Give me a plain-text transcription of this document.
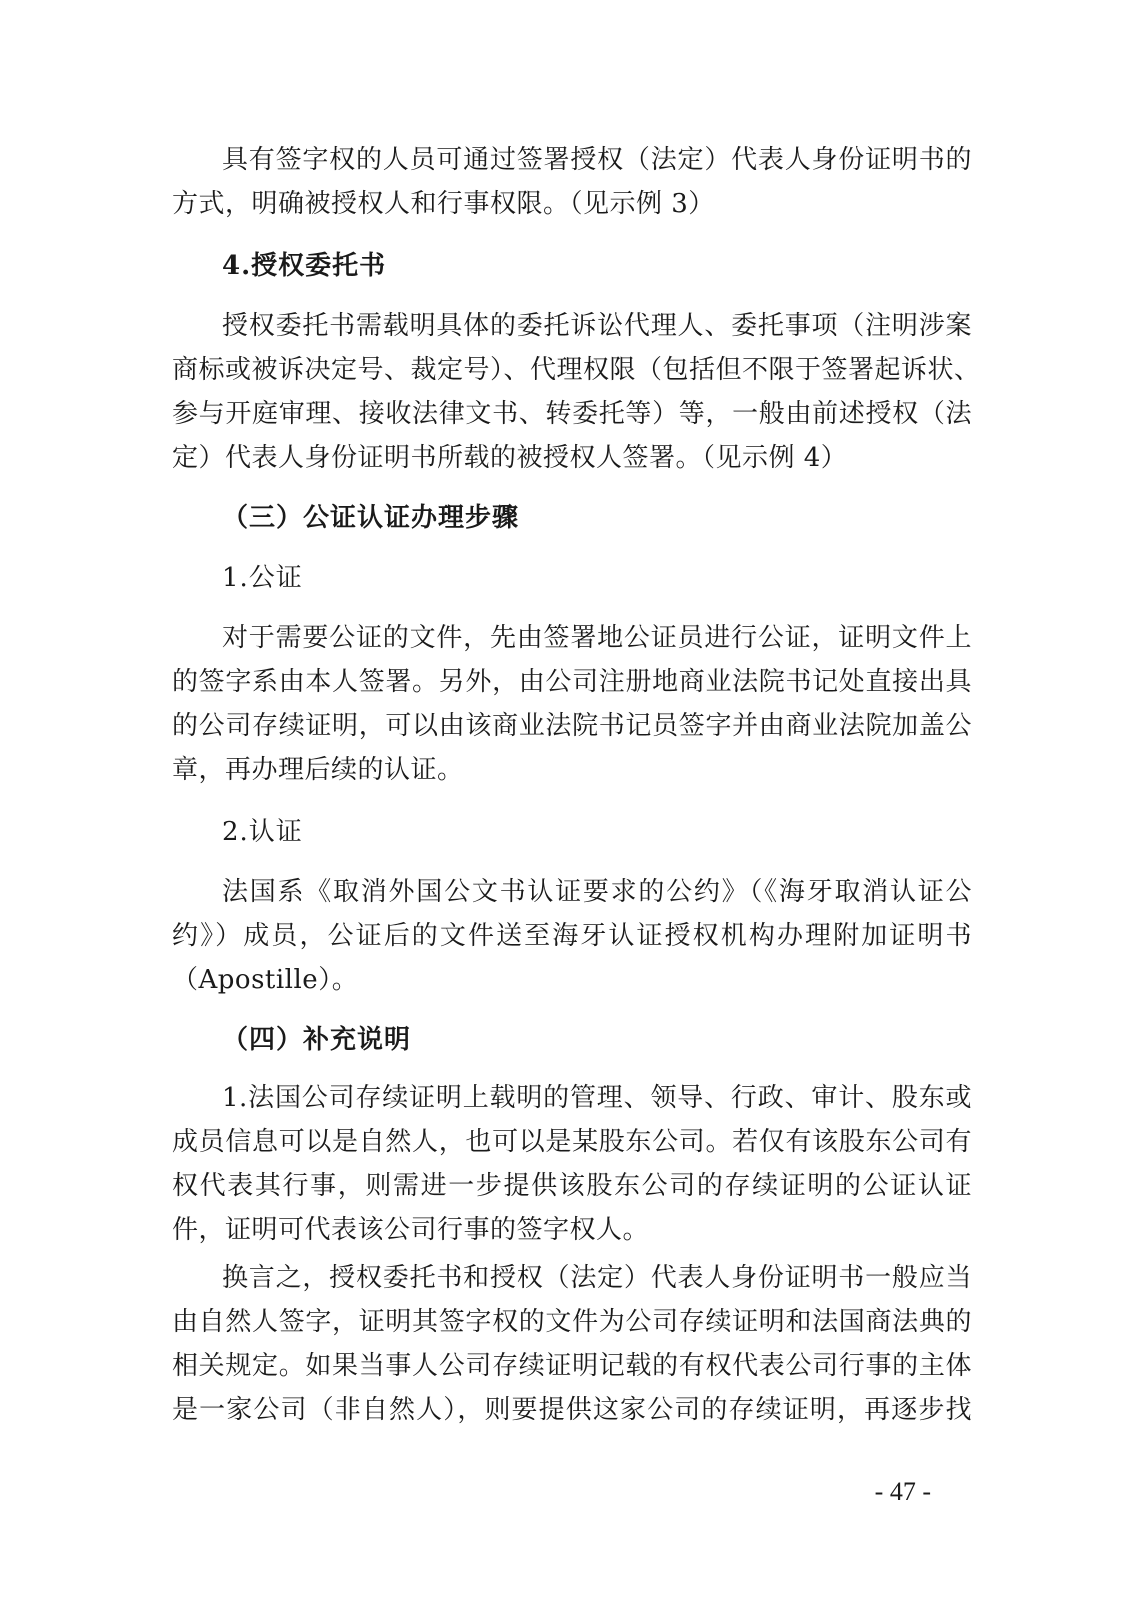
具有签字权的人员可通过签署授权（法定）代表人身份证明书的
方式，明确被授权人和行事权限。（见示例 3）
4.授权委托书
授权委托书需载明具体的委托诉讼代理人、委托事项（注明涉案
商标或被诉决定号、裁定号）、代理权限（包括但不限于签署起诉状、
参与开庭审理、接收法律文书、转委托等）等，一般由前述授权（法
定）代表人身份证明书所载的被授权人签署。（见示例 4）
（三）公证认证办理步骤
1.公证
对于需要公证的文件，先由签署地公证员进行公证，证明文件上
的签字系由本人签署。另外，由公司注册地商业法院书记处直接出具
的公司存续证明，可以由该商业法院书记员签字并由商业法院加盖公
章，再办理后续的认证。
2.认证
法国系《取消外国公文书认证要求的公约》（《海牙取消认证公
约》）成员，公证后的文件送至海牙认证授权机构办理附加证明书
（Apostille）。
（四）补充说明
1.法国公司存续证明上载明的管理、领导、行政、审计、股东或
成员信息可以是自然人，也可以是某股东公司。若仅有该股东公司有
权代表其行事，则需进一步提供该股东公司的存续证明的公证认证
件，证明可代表该公司行事的签字权人。
换言之，授权委托书和授权（法定）代表人身份证明书一般应当
由自然人签字，证明其签字权的文件为公司存续证明和法国商法典的
相关规定。如果当事人公司存续证明记载的有权代表公司行事的主体
是一家公司（非自然人），则要提供这家公司的存续证明，再逐步找
- 47 -
